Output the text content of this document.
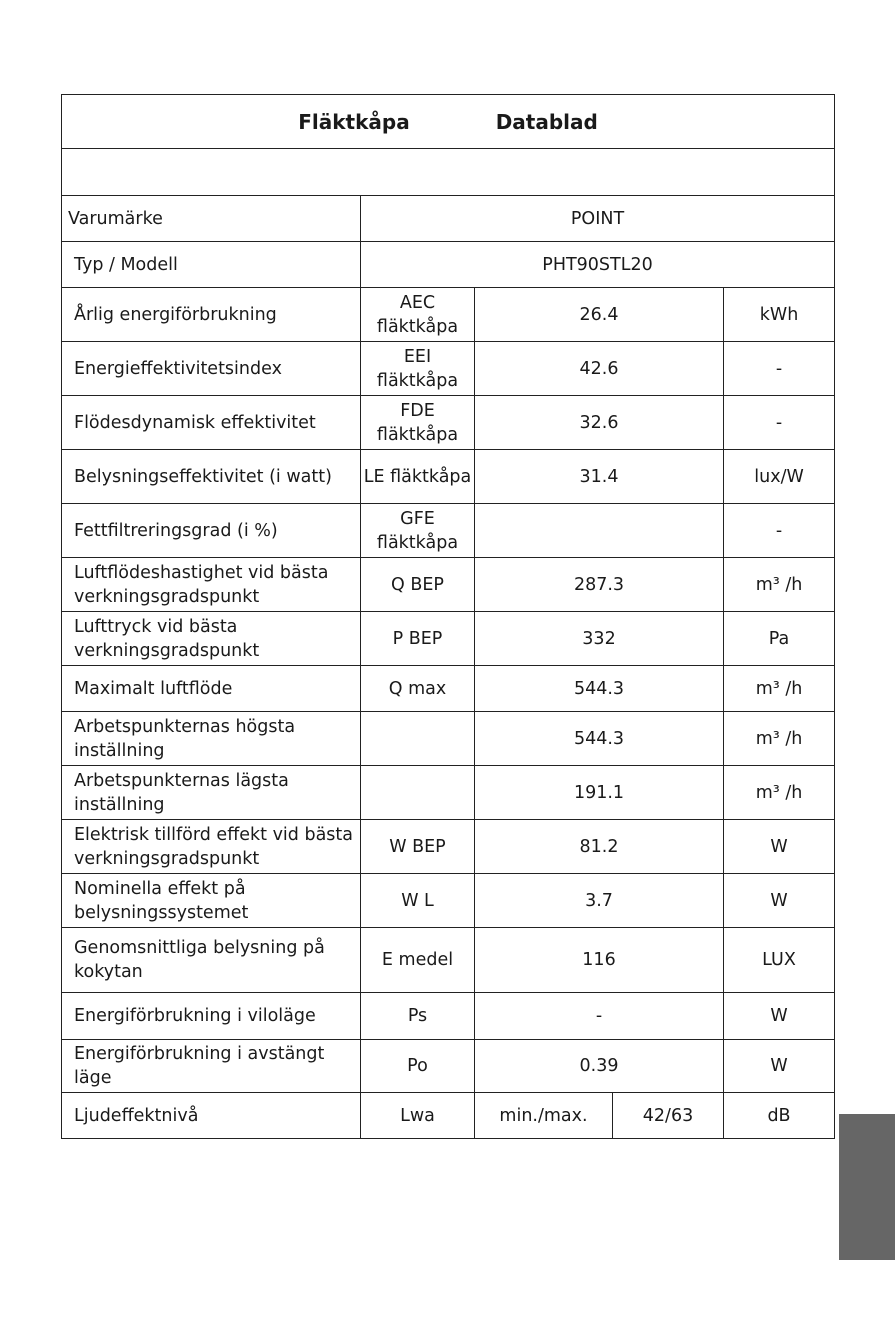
Fläktkåpa Datablad				

Varumärke	POINT			
Typ / Modell	PHT90STL20			
Årlig energiförbrukning	AEC fläktkåpa	26.4		kWh
Energieffektivitetsindex	EEI fläktkåpa	42.6		-
Flödesdynamisk effektivitet	FDE fläktkåpa	32.6		-
Belysningseffektivitet (i watt)	LE fläktkåpa	31.4		lux/W
Fettfiltreringsgrad (i %)	GFE fläktkåpa			-
Luftflödeshastighet vid bästa verkningsgradspunkt	Q BEP	287.3		m³ /h
Lufttryck vid bästa verkningsgradspunkt	P BEP	332		Pa
Maximalt luftflöde	Q max	544.3		m³ /h
Arbetspunkternas högsta inställning		544.3		m³ /h
Arbetspunkternas lägsta inställning		191.1		m³ /h
Elektrisk tillförd effekt vid bästa verkningsgradspunkt	W BEP	81.2		W
Nominella effekt på belysningssystemet	W L	3.7		W
Genomsnittliga belysning på kokytan	E medel	116		LUX
Energiförbrukning i viloläge	Ps	-		W
Energiförbrukning i avstängt läge	Po	0.39		W
Ljudeffektnivå	Lwa	min./max.	42/63	dB
